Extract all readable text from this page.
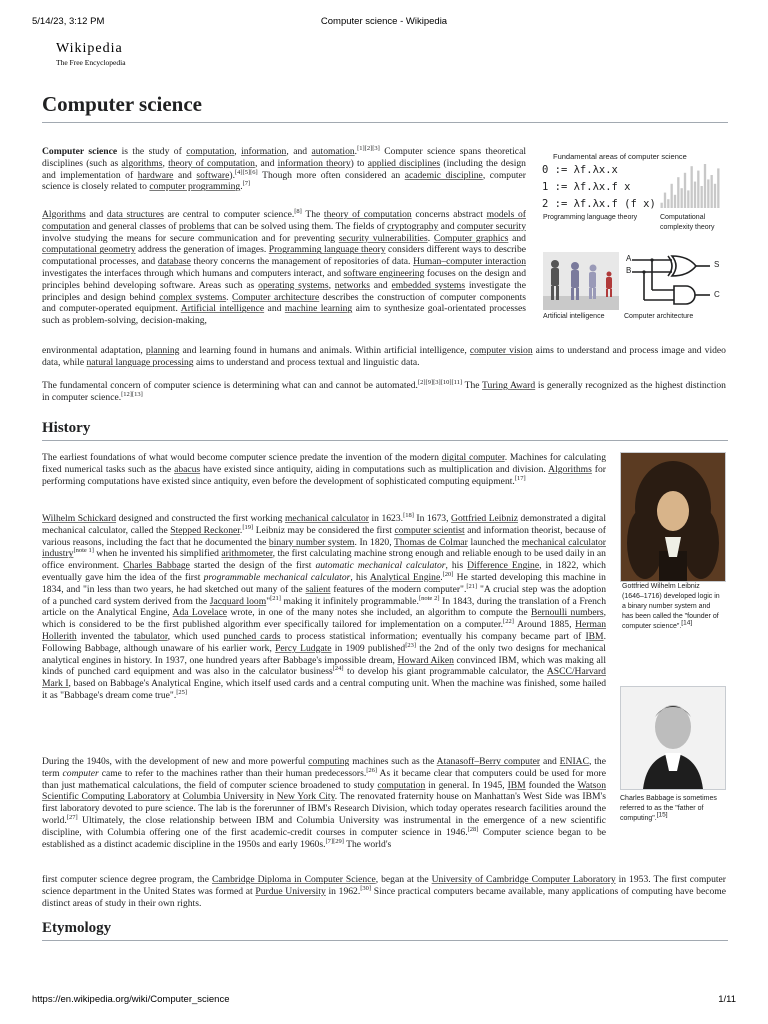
5/14/23, 3:12 PM	Computer science - Wikipedia
https://en.wikipedia.org/wiki/Computer_science	1/11
Wikipedia
The Free Encyclopedia
Computer science

Computer science is the study of computation, information, and automation.[1][2][3] Computer science spans theoretical disciplines (such as algorithms, theory of computation, and information theory) to applied disciplines (including the design and implementation of hardware and software).[4][5][6] Though more often considered an academic discipline, computer science is closely related to computer programming.[7]

Algorithms and data structures are central to computer science.[8] The theory of computation concerns abstract models of computation and general classes of problems that can be solved using them. The fields of cryptography and computer security involve studying the means for secure communication and for preventing security vulnerabilities. Computer graphics and computational geometry address the generation of images. Programming language theory considers different ways to describe computational processes, and database theory concerns the management of repositories of data. Human–computer interaction investigates the interfaces through which humans and computers interact, and software engineering focuses on the design and principles behind developing software. Areas such as operating systems, networks and embedded systems investigate the principles and design behind complex systems. Computer architecture describes the construction of computer components and computer-operated equipment. Artificial intelligence and machine learning aim to synthesize goal-orientated processes such as problem-solving, decision-making,

environmental adaptation, planning and learning found in humans and animals. Within artificial intelligence, computer vision aims to understand and process image and video data, while natural language processing aims to understand and process textual and linguistic data.

The fundamental concern of computer science is determining what can and cannot be automated.[2][9][3][10][11] The Turing Award is generally recognized as the highest distinction in computer science.[12][13]

Fundamental areas of computer science
0 := λf.λx.x
1 := λf.λx.f x
2 := λf.λx.f (f x)
Programming language theory	Computational complexity theory
A
B
S
C
Artificial intelligence	Computer architecture
History

The earliest foundations of what would become computer science predate the invention of the modern digital computer. Machines for calculating fixed numerical tasks such as the abacus have existed since antiquity, aiding in computations such as multiplication and division. Algorithms for performing computations have existed since antiquity, even before the development of sophisticated computing equipment.[17]

Wilhelm Schickard designed and constructed the first working mechanical calculator in 1623.[18] In 1673, Gottfried Leibniz demonstrated a digital mechanical calculator, called the Stepped Reckoner.[19] Leibniz may be considered the first computer scientist and information theorist, because of various reasons, including the fact that he documented the binary number system. In 1820, Thomas de Colmar launched the mechanical calculator industry[note 1] when he invented his simplified arithmometer, the first calculating machine strong enough and reliable enough to be used daily in an office environment. Charles Babbage started the design of the first automatic mechanical calculator, his Difference Engine, in 1822, which eventually gave him the idea of the first programmable mechanical calculator, his Analytical Engine.[20] He started developing this machine in 1834, and "in less than two years, he had sketched out many of the salient features of the modern computer".[21] "A crucial step was the adoption of a punched card system derived from the Jacquard loom"[21] making it infinitely programmable.[note 2] In 1843, during the translation of a French article on the Analytical Engine, Ada Lovelace wrote, in one of the many notes she included, an algorithm to compute the Bernoulli numbers, which is considered to be the first published algorithm ever specifically tailored for implementation on a computer.[22] Around 1885, Herman Hollerith invented the tabulator, which used punched cards to process statistical information; eventually his company became part of IBM. Following Babbage, although unaware of his earlier work, Percy Ludgate in 1909 published[23] the 2nd of the only two designs for mechanical analytical engines in history. In 1937, one hundred years after Babbage's impossible dream, Howard Aiken convinced IBM, which was making all kinds of punched card equipment and was also in the calculator business[24] to develop his giant programmable calculator, the ASCC/Harvard Mark I, based on Babbage's Analytical Engine, which itself used cards and a central computing unit. When the machine was finished, some hailed it as "Babbage's dream come true".[25]

During the 1940s, with the development of new and more powerful computing machines such as the Atanasoff–Berry computer and ENIAC, the term computer came to refer to the machines rather than their human predecessors.[26] As it became clear that computers could be used for more than just mathematical calculations, the field of computer science broadened to study computation in general. In 1945, IBM founded the Watson Scientific Computing Laboratory at Columbia University in New York City. The renovated fraternity house on Manhattan's West Side was IBM's first laboratory devoted to pure science. The lab is the forerunner of IBM's Research Division, which today operates research facilities around the world.[27] Ultimately, the close relationship between IBM and Columbia University was instrumental in the emergence of a new scientific discipline, with Columbia offering one of the first academic-credit courses in computer science in 1946.[28] Computer science began to be established as a distinct academic discipline in the 1950s and early 1960s.[7][29] The world's

first computer science degree program, the Cambridge Diploma in Computer Science, began at the University of Cambridge Computer Laboratory in 1953. The first computer science department in the United States was formed at Purdue University in 1962.[30] Since practical computers became available, many applications of computing have become distinct areas of study in their own rights.

Etymology
Gottfried Wilhelm Leibniz (1646–1716) developed logic in a binary number system and has been called the "founder of computer science".[14]
Charles Babbage is sometimes referred to as the "father of computing".[15]
